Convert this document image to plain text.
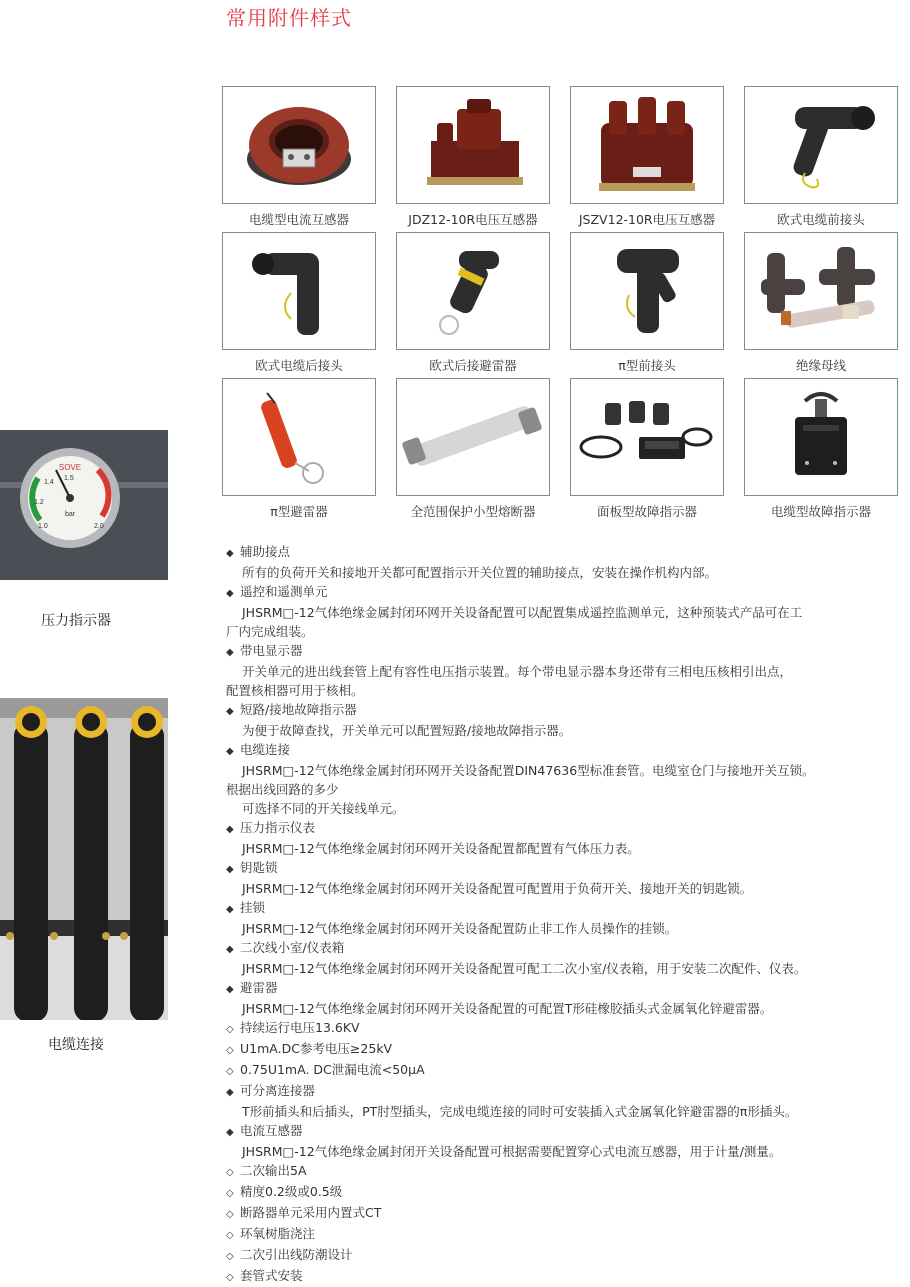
常用附件样式
电缆型电流互感器	JDZ12-10R电压互感器	JSZV12-10R电压互感器	欧式电缆前接头
欧式电缆后接头	欧式后接避雷器	π型前接头	绝缘母线
π型避雷器	全范围保护小型熔断器	面板型故障指示器	电缆型故障指示器
SOVE
bar
1.0
1.2
1.4
1.5
2.0
压力指示器
电缆连接
◆ 辅助接点
所有的负荷开关和接地开关都可配置指示开关位置的辅助接点，安装在操作机构内部。
◆ 遥控和遥测单元
JHSRM□-12气体绝缘金属封闭环网开关设备配置可以配置集成遥控监测单元，这种预装式产品可在工
厂内完成组装。
◆ 带电显示器
开关单元的进出线套管上配有容性电压指示装置。每个带电显示器本身还带有三相电压核相引出点，
配置核相器可用于核相。
◆ 短路/接地故障指示器
为便于故障查找，开关单元可以配置短路/接地故障指示器。
◆ 电缆连接
JHSRM□-12气体绝缘金属封闭环网开关设备配置DIN47636型标准套管。电缆室仓门与接地开关互锁。
根据出线回路的多少
可选择不同的开关接线单元。
◆ 压力指示仪表
JHSRM□-12气体绝缘金属封闭环网开关设备配置都配置有气体压力表。
◆ 钥匙锁
JHSRM□-12气体绝缘金属封闭环网开关设备配置可配置用于负荷开关、接地开关的钥匙锁。
◆ 挂锁
JHSRM□-12气体绝缘金属封闭环网开关设备配置防止非工作人员操作的挂锁。
◆ 二次线小室/仪表箱
JHSRM□-12气体绝缘金属封闭环网开关设备配置可配工二次小室/仪表箱，用于安装二次配件、仪表。
◆ 避雷器
JHSRM□-12气体绝缘金属封闭环网开关设备配置的可配置T形硅橡胶插头式金属氧化锌避雷器。
◇ 持续运行电压13.6KV
◇ U1mA.DC参考电压≥25kV
◇ 0.75U1mA. DC泄漏电流<50μA
◆ 可分离连接器
T形前插头和后插头，PT肘型插头，完成电缆连接的同时可安装插入式金属氧化锌避雷器的π形插头。
◆ 电流互感器
JHSRM□-12气体绝缘金属封闭开关设备配置可根据需要配置穿心式电流互感器，用于计量/测量。
◇ 二次输出5A
◇ 精度0.2级或0.5级
◇ 断路器单元采用内置式CT
◇ 环氧树脂浇注
◇ 二次引出线防潮设计
◇ 套管式安装
